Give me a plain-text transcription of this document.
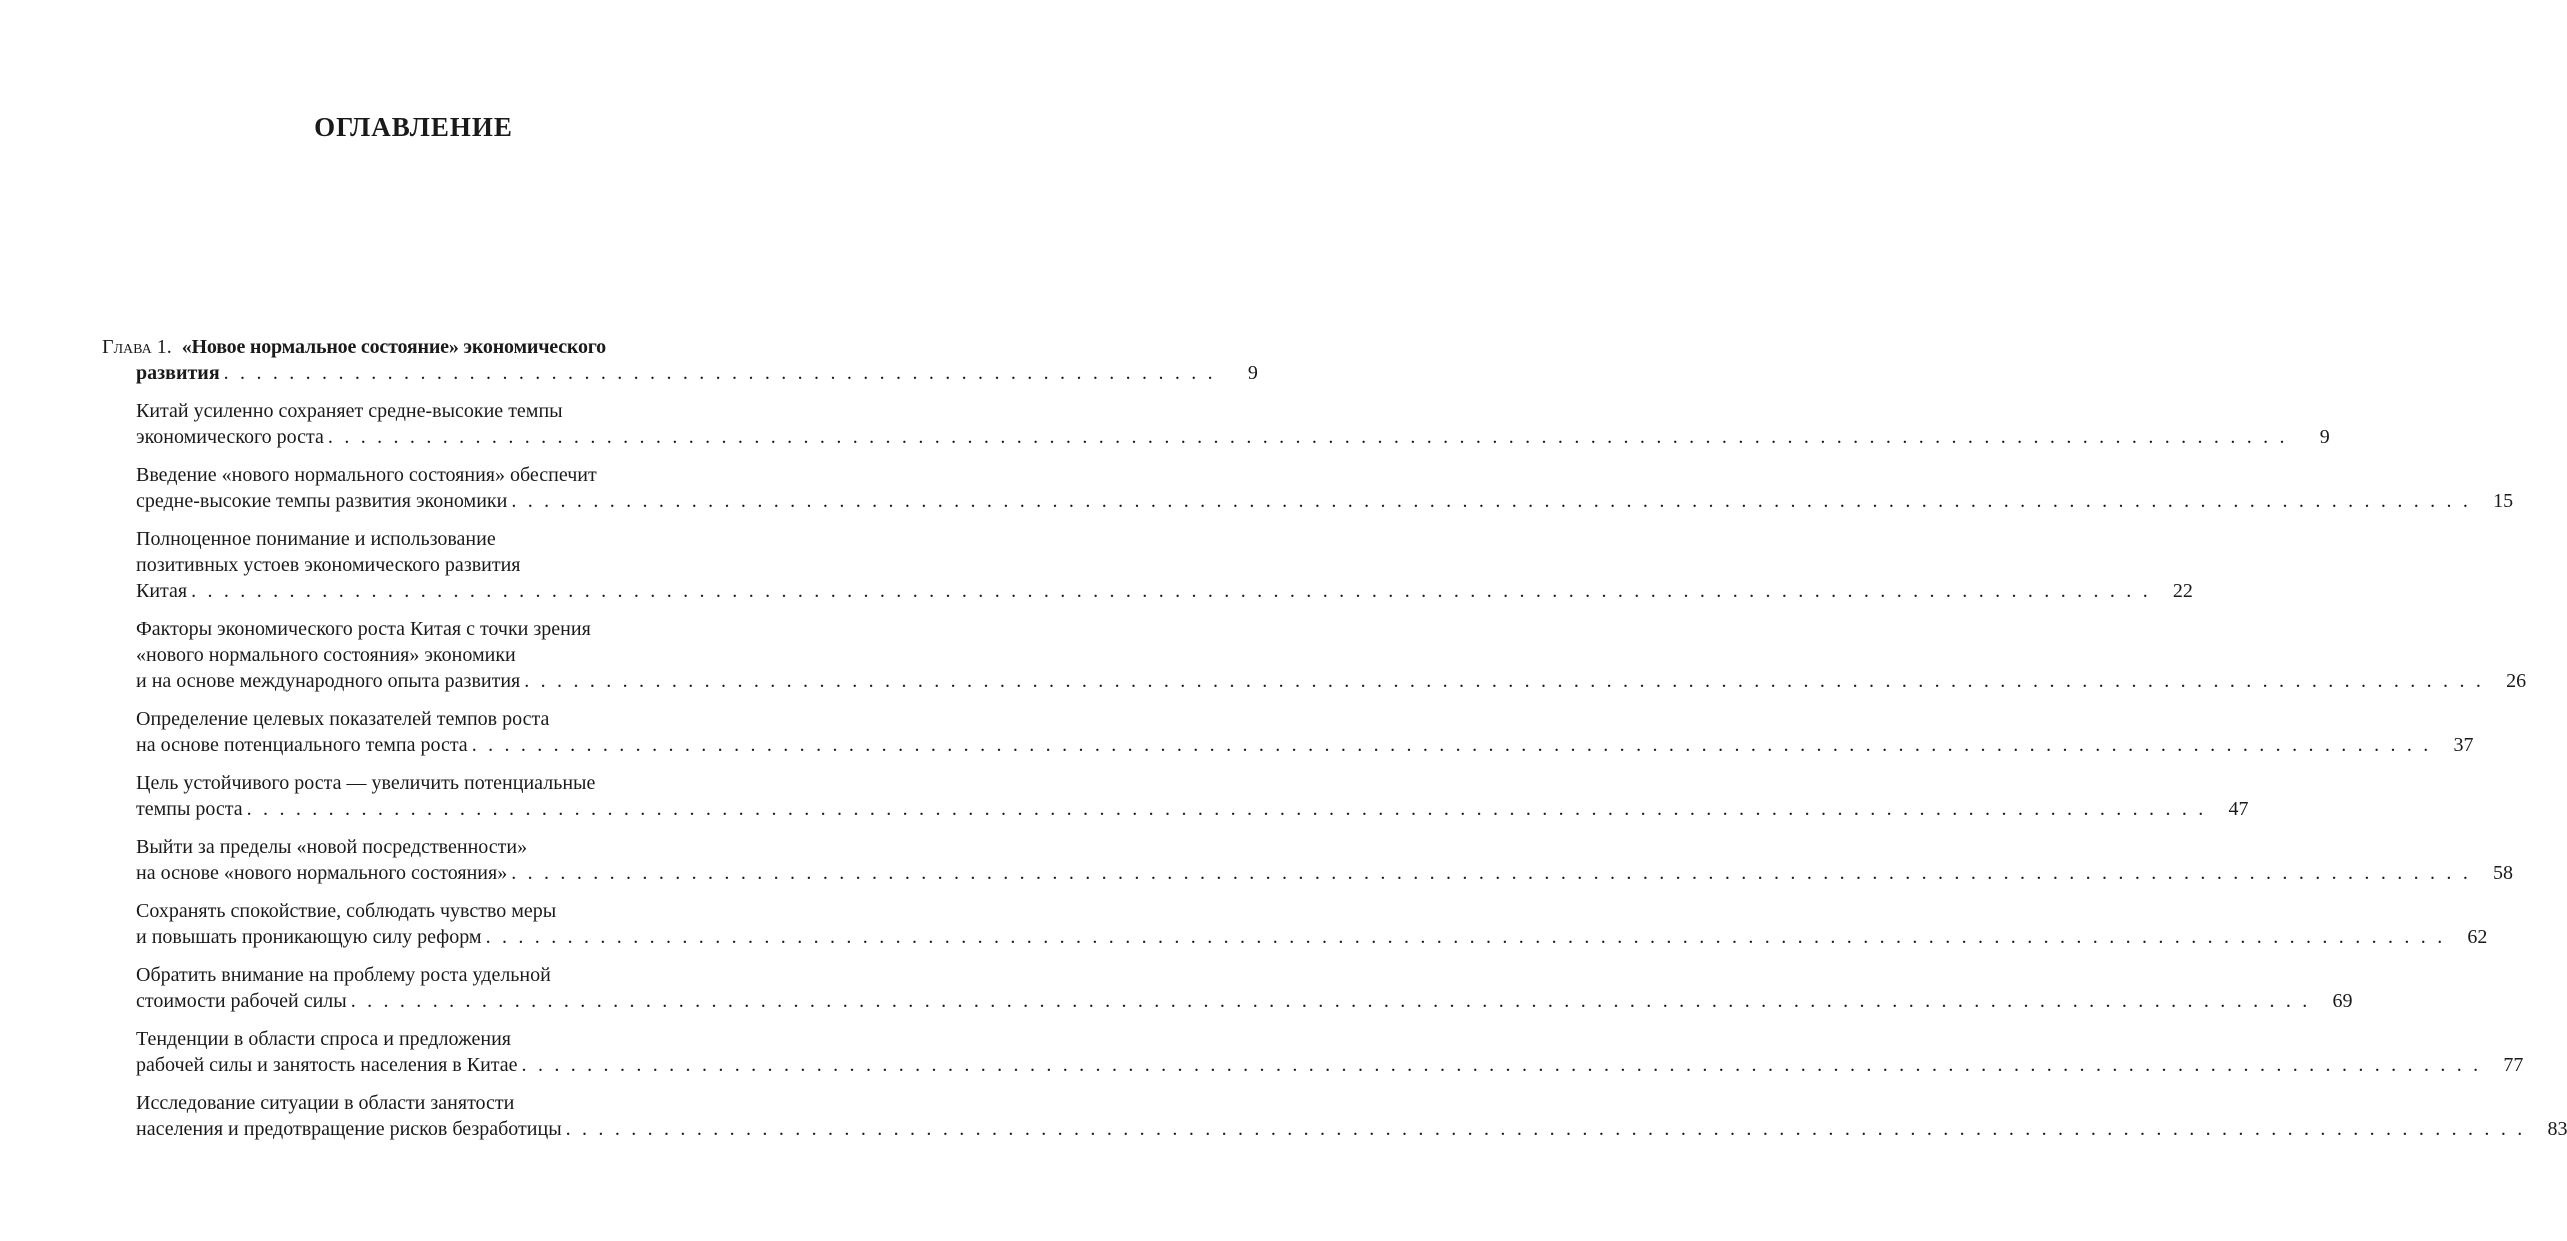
ОГЛАВЛЕНИЕ
Глава 1. «Новое нормальное состояние» экономического
развития . . . . . . . . . . . . . . . . . . . . . . . . . . . . . . . . . . . . . . . . . . . . . . . . . . . . . . . . . . . . .	9
Китай усиленно сохраняет средне-высокие темпы
экономического роста . . . . . . . . . . . . . . . . . . . . . . . . . . . . . . . . . . . . . . . . . . . . . . . . . . . . . . . . . . . . . . . . . . . . . . . . . . . . . . . . . . . . . . . . . . . . . . . . . . . . . . . . . . . . . . . . . . . . . . . .	9
Введение «нового нормального состояния» обеспечит
средне-высокие темпы развития экономики . . . . . . . . . . . . . . . . . . . . . . . . . . . . . . . . . . . . . . . . . . . . . . . . . . . . . . . . . . . . . . . . . . . . . . . . . . . . . . . . . . . . . . . . . . . . . . . . . . . . . . . . . . . . . . . . . . . . . . . .	15
Полноценное понимание и использование
позитивных устоев экономического развития
Китая . . . . . . . . . . . . . . . . . . . . . . . . . . . . . . . . . . . . . . . . . . . . . . . . . . . . . . . . . . . . . . . . . . . . . . . . . . . . . . . . . . . . . . . . . . . . . . . . . . . . . . . . . . . . . . . . . . . . . . . .	22
Факторы экономического роста Китая с точки зрения
«нового нормального состояния» экономики
и на основе международного опыта развития . . . . . . . . . . . . . . . . . . . . . . . . . . . . . . . . . . . . . . . . . . . . . . . . . . . . . . . . . . . . . . . . . . . . . . . . . . . . . . . . . . . . . . . . . . . . . . . . . . . . . . . . . . . . . . . . . . . . . . . .	26
Определение целевых показателей темпов роста
на основе потенциального темпа роста . . . . . . . . . . . . . . . . . . . . . . . . . . . . . . . . . . . . . . . . . . . . . . . . . . . . . . . . . . . . . . . . . . . . . . . . . . . . . . . . . . . . . . . . . . . . . . . . . . . . . . . . . . . . . . . . . . . . . . . .	37
Цель устойчивого роста — увеличить потенциальные
темпы роста . . . . . . . . . . . . . . . . . . . . . . . . . . . . . . . . . . . . . . . . . . . . . . . . . . . . . . . . . . . . . . . . . . . . . . . . . . . . . . . . . . . . . . . . . . . . . . . . . . . . . . . . . . . . . . . . . . . . . . . .	47
Выйти за пределы «новой посредственности»
на основе «нового нормального состояния» . . . . . . . . . . . . . . . . . . . . . . . . . . . . . . . . . . . . . . . . . . . . . . . . . . . . . . . . . . . . . . . . . . . . . . . . . . . . . . . . . . . . . . . . . . . . . . . . . . . . . . . . . . . . . . . . . . . . . . . .	58
Сохранять спокойствие, соблюдать чувство меры
и повышать проникающую силу реформ . . . . . . . . . . . . . . . . . . . . . . . . . . . . . . . . . . . . . . . . . . . . . . . . . . . . . . . . . . . . . . . . . . . . . . . . . . . . . . . . . . . . . . . . . . . . . . . . . . . . . . . . . . . . . . . . . . . . . . . .	62
Обратить внимание на проблему роста удельной
стоимости рабочей силы . . . . . . . . . . . . . . . . . . . . . . . . . . . . . . . . . . . . . . . . . . . . . . . . . . . . . . . . . . . . . . . . . . . . . . . . . . . . . . . . . . . . . . . . . . . . . . . . . . . . . . . . . . . . . . . . . . . . . . . .	69
Тенденции в области спроса и предложения
рабочей силы и занятость населения в Китае . . . . . . . . . . . . . . . . . . . . . . . . . . . . . . . . . . . . . . . . . . . . . . . . . . . . . . . . . . . . . . . . . . . . . . . . . . . . . . . . . . . . . . . . . . . . . . . . . . . . . . . . . . . . . . . . . . . . . . . .	77
Исследование ситуации в области занятости
населения и предотвращение рисков безработицы . . . . . . . . . . . . . . . . . . . . . . . . . . . . . . . . . . . . . . . . . . . . . . . . . . . . . . . . . . . . . . . . . . . . . . . . . . . . . . . . . . . . . . . . . . . . . . . . . . . . . . . . . . . . . . . . . . . . . . . .	83
